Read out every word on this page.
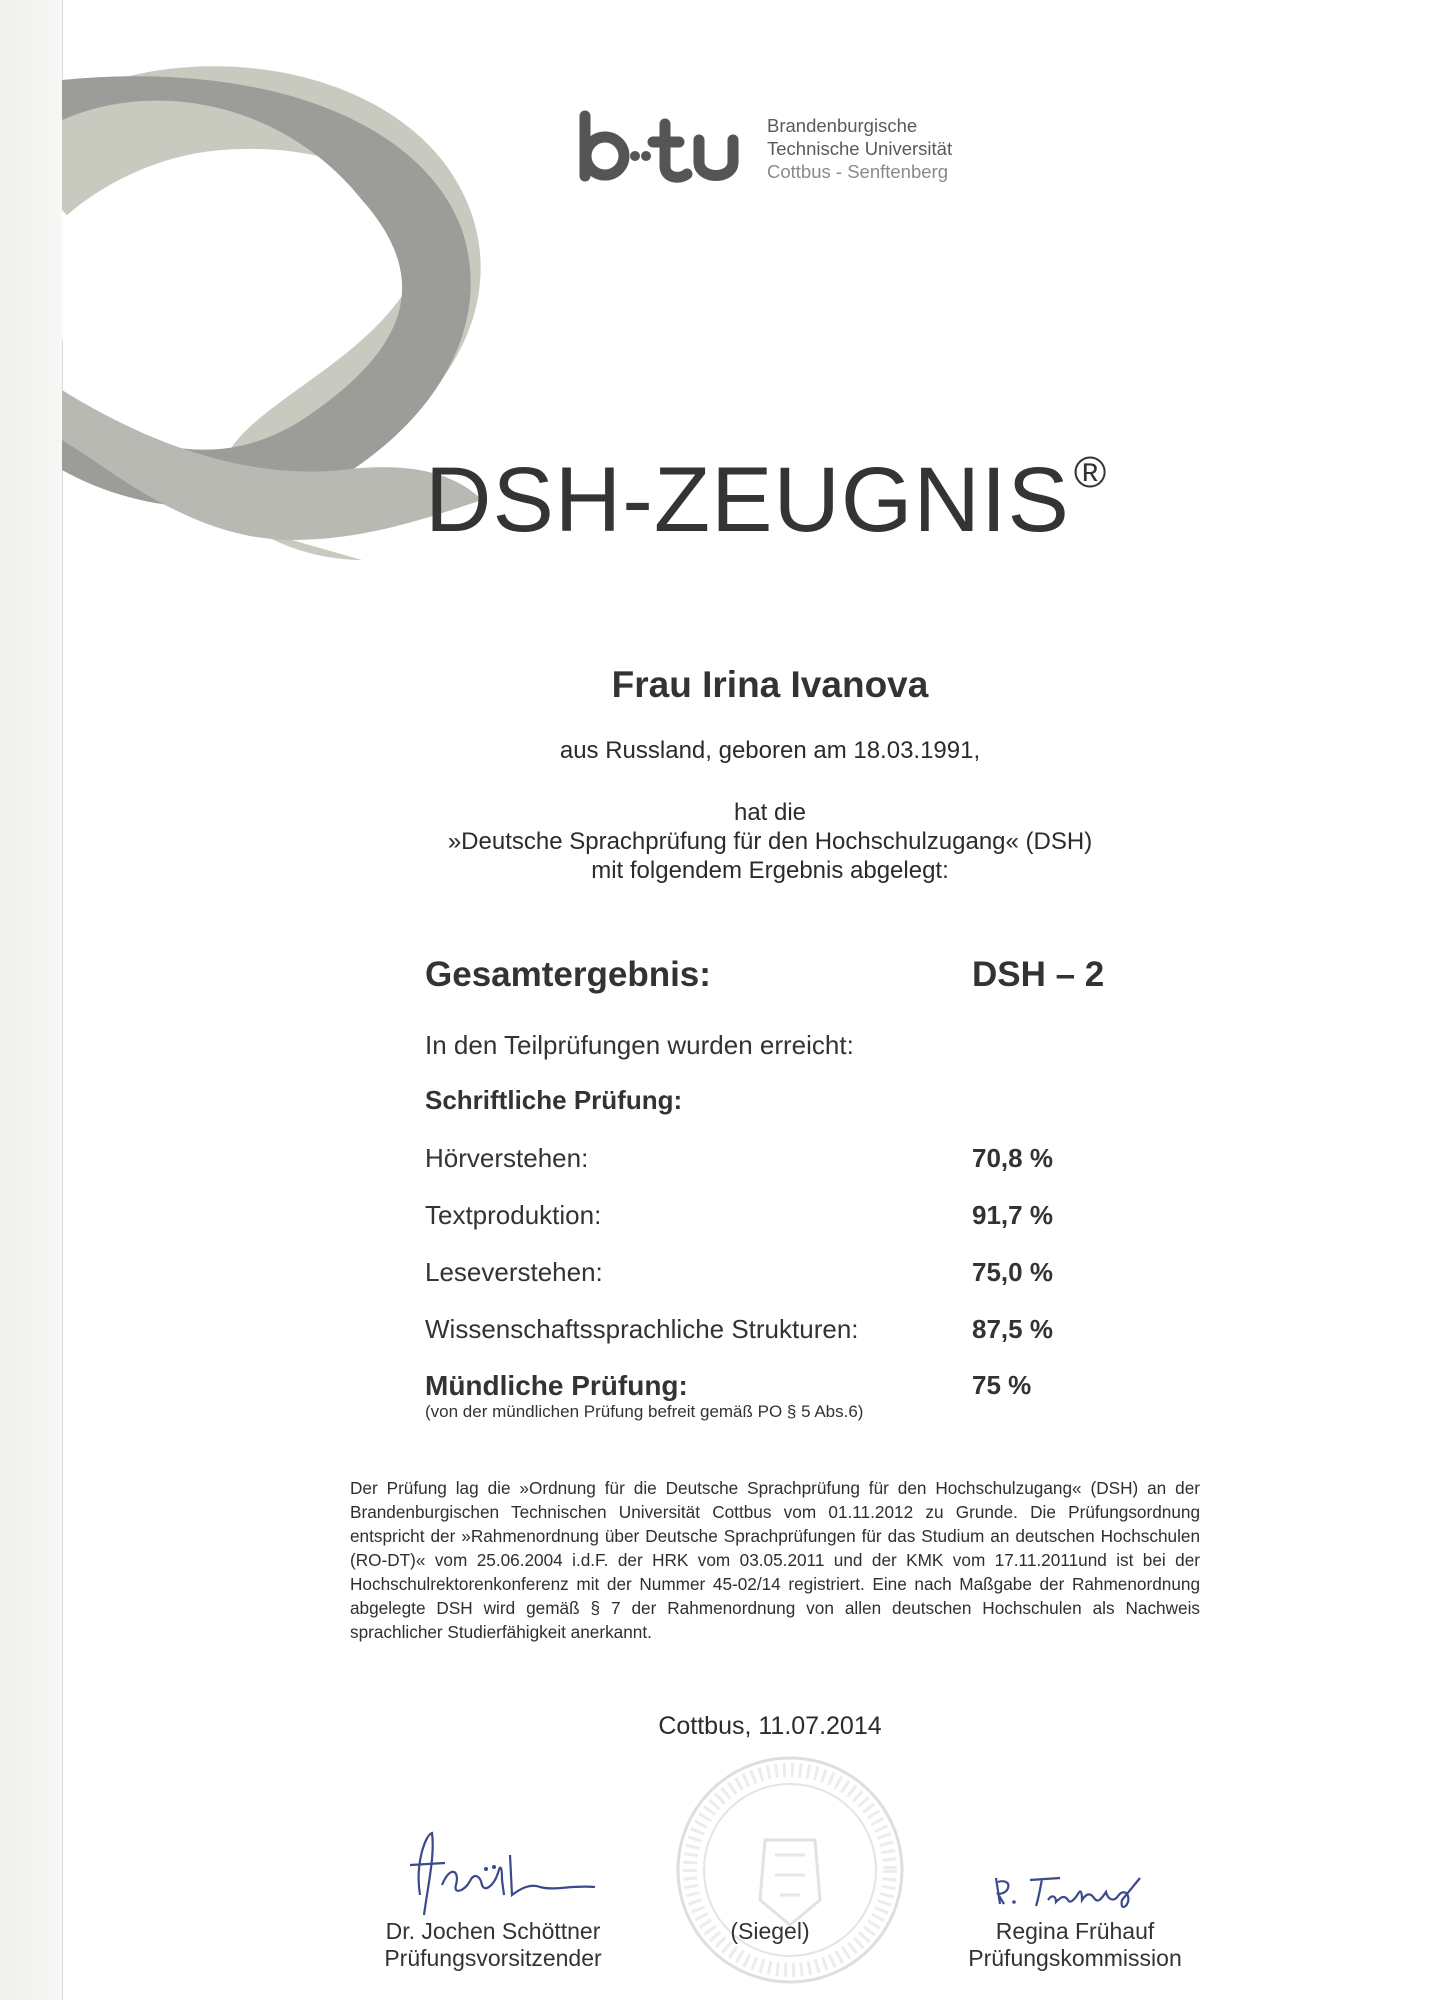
Brandenburgische
Technische Universität
Cottbus - Senftenberg
DSH-ZEUGNIS®
Frau Irina Ivanova
aus Russland, geboren am 18.03.1991,
hat die
»Deutsche Sprachprüfung für den Hochschulzugang« (DSH)
mit folgendem Ergebnis abgelegt:
Gesamtergebnis:	DSH – 2
In den Teilprüfungen wurden erreicht:
Schriftliche Prüfung:
Hörverstehen:	70,8 %
Textproduktion:	91,7 %
Leseverstehen:	75,0 %
Wissenschaftssprachliche Strukturen:	87,5 %
Mündliche Prüfung:	75 %
(von der mündlichen Prüfung befreit gemäß PO § 5 Abs.6)
Der Prüfung lag die »Ordnung für die Deutsche Sprachprüfung für den Hochschulzugang« (DSH) an der Brandenburgischen Technischen Universität Cottbus vom 01.11.2012 zu Grunde. Die Prüfungsordnung entspricht der »Rahmenordnung über Deutsche Sprachprüfungen für das Studium an deutschen Hochschulen (RO-DT)« vom 25.06.2004 i.d.F. der HRK vom 03.05.2011 und der KMK vom 17.11.2011und ist bei der Hochschulrektorenkonferenz mit der Nummer 45-02/14 registriert. Eine nach Maßgabe der Rahmenordnung abgelegte DSH wird gemäß § 7 der Rahmenordnung von allen deutschen Hochschulen als Nachweis sprachlicher Studierfähigkeit anerkannt.
Cottbus, 11.07.2014
Dr. Jochen Schöttner
Prüfungsvorsitzender
(Siegel)	Regina Frühauf
Prüfungskommission
